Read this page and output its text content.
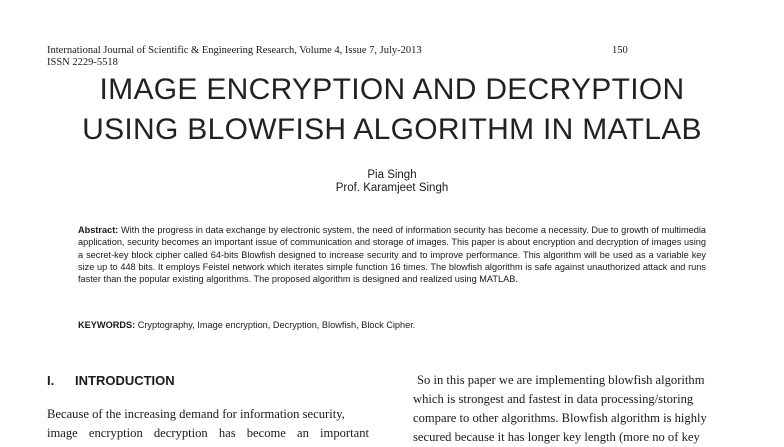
International Journal of Scientific & Engineering Research, Volume 4, Issue 7, July-2013	150
ISSN 2229-5518
IMAGE ENCRYPTION AND DECRYPTION
USING BLOWFISH ALGORITHM IN MATLAB
Pia Singh
Prof. Karamjeet Singh
Abstract: With the progress in data exchange by electronic system, the need of information security has become a necessity. Due to growth of multimedia application, security becomes an important issue of communication and storage of images. This paper is about encryption and decryption of images using a secret-key block cipher called 64-bits Blowfish designed to increase security and to improve performance. This algorithm will be used as a variable key size up to 448 bits. It employs Feistel network which iterates simple function 16 times. The blowfish algorithm is safe against unauthorized attack and runs faster than the popular existing algorithms. The proposed algorithm is designed and realized using MATLAB.
KEYWORDS: Cryptography, Image encryption, Decryption, Blowfish, Block Cipher.
I. INTRODUCTION
Because of the increasing demand for information security,
image encryption decryption has become an important
So in this paper we are implementing blowfish algorithm
which is strongest and fastest in data processing/storing
compare to other algorithms. Blowfish algorithm is highly
secured because it has longer key length (more no of key
